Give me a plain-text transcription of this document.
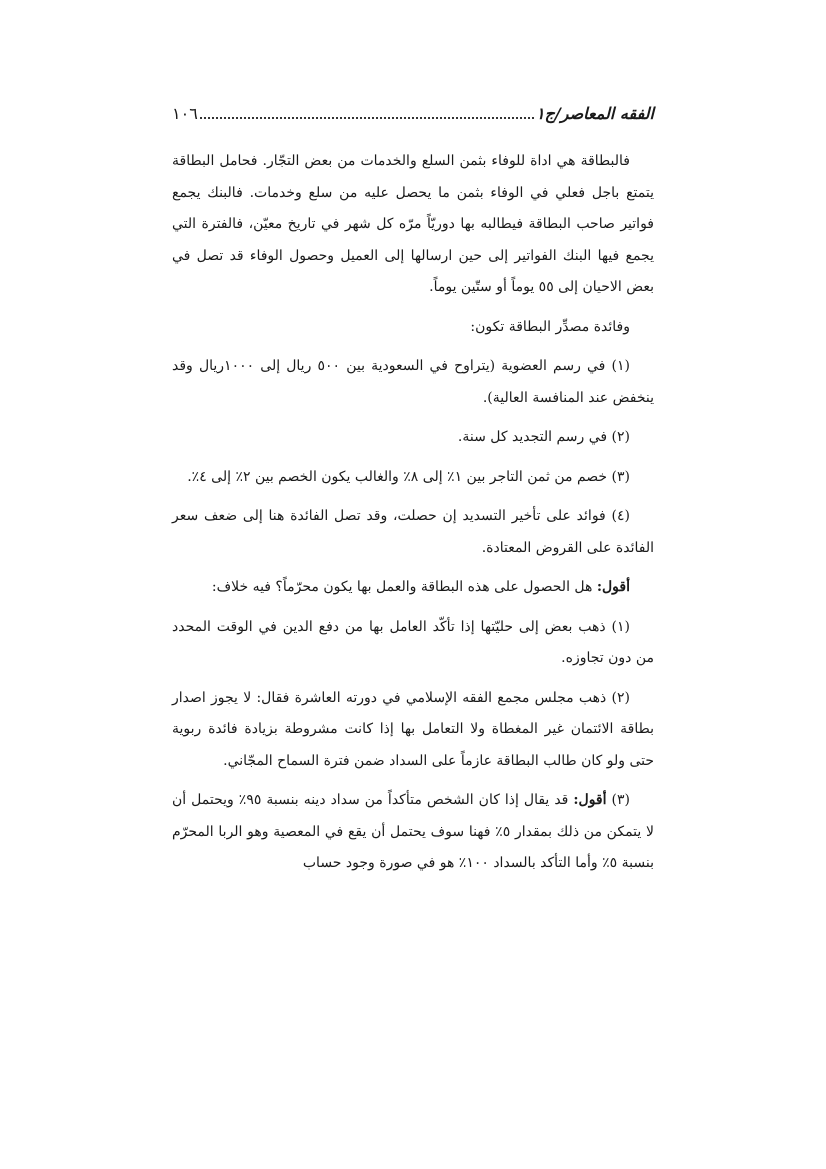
الفقه المعاصر/ج١
١٠٦

فالبطاقة هي اداة للوفاء بثمن السلع والخدمات من بعض التجّار. فحامل البطاقة يتمتع باجل فعلي في الوفاء بثمن ما يحصل عليه من سلع وخدمات. فالبنك يجمع فواتير صاحب البطاقة فيطالبه بها دوريّاً مرّه كل شهر في تاريخ معيّن، فالفترة التي يجمع فيها البنك الفواتير إلى حين ارسالها إلى العميل وحصول الوفاء قد تصل في بعض الاحيان إلى ٥٥ يوماً أو ستّين يوماً.

وفائدة مصدِّر البطاقة تكون:

(١) في رسم العضوية (يتراوح في السعودية بين ٥٠٠ ريال إلى ١٠٠٠ريال وقد ينخفض عند المنافسة العالية).

(٢) في رسم التجديد كل سنة.

(٣) خصم من ثمن التاجر بين ١٪ إلى ٨٪ والغالب يكون الخصم بين ٢٪ إلى ٤٪.

(٤) فوائد على تأخير التسديد إن حصلت، وقد تصل الفائدة هنا إلى ضعف سعر الفائدة على القروض المعتادة.

أقول: هل الحصول على هذه البطاقة والعمل بها يكون محرّماً؟ فيه خلاف:

(١) ذهب بعض إلى حليّتها إذا تأكّد العامل بها من دفع الدين في الوقت المحدد من دون تجاوزه.

(٢) ذهب مجلس مجمع الفقه الإسلامي في دورته العاشرة فقال: لا يجوز اصدار بطاقة الائتمان غير المغطاة ولا التعامل بها إذا كانت مشروطة بزيادة فائدة ربوية حتى ولو كان طالب البطاقة عازماً على السداد ضمن فترة السماح المجّاني.

(٣) أقول: قد يقال إذا كان الشخص متأكداً من سداد دينه بنسبة ٩٥٪ ويحتمل أن لا يتمكن من ذلك بمقدار ٥٪ فهنا سوف يحتمل أن يقع في المعصية وهو الربا المحرّم بنسبة ٥٪ وأما التأكد بالسداد ١٠٠٪ هو في صورة وجود حساب
